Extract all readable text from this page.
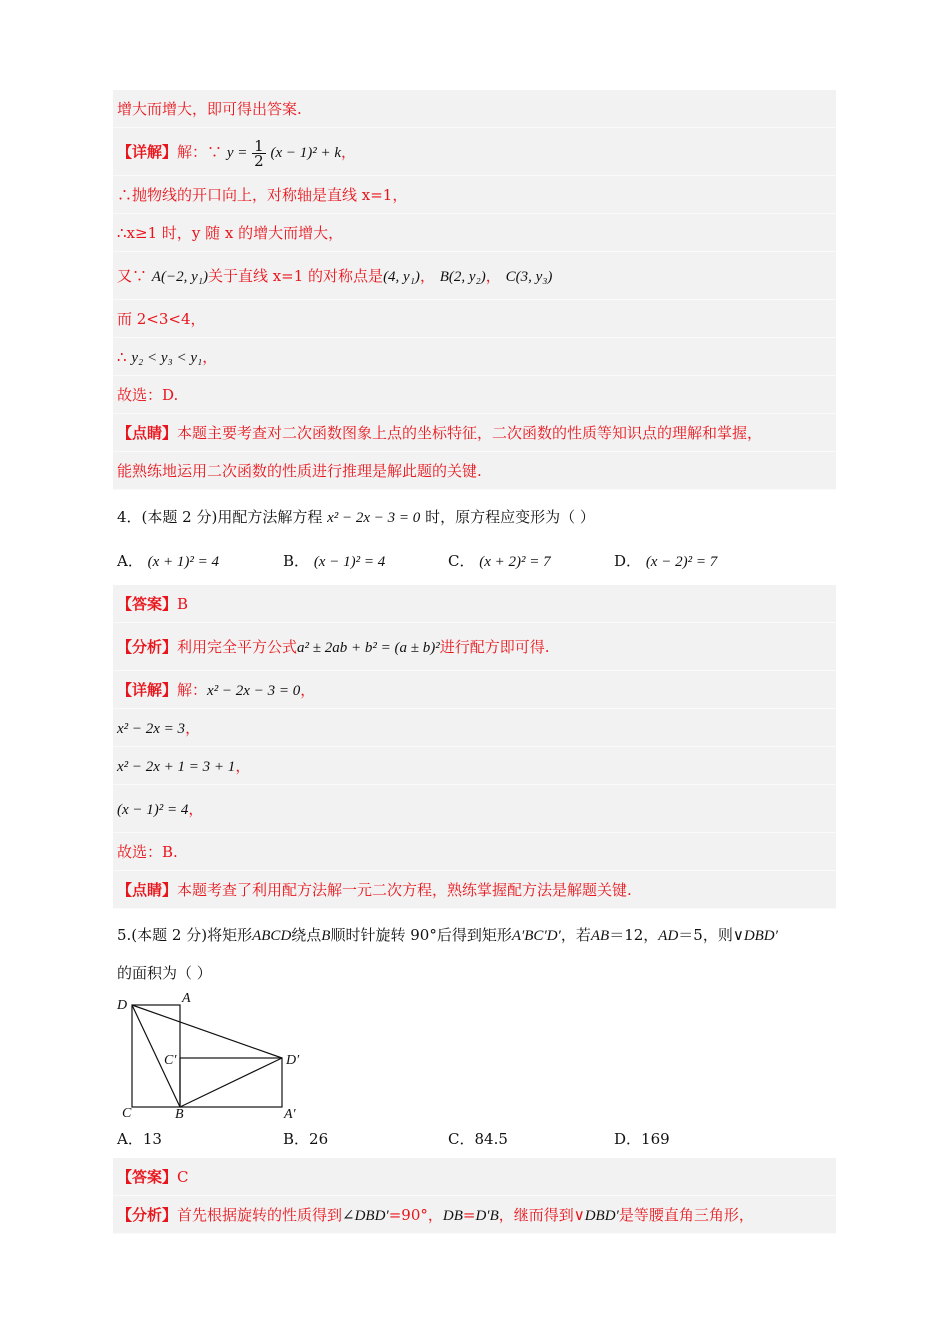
增大而增大，即可得出答案.
【详解】解：∵ $y = \frac{1}{2} (x - 1)^2 + k$，
∴抛物线的开口向上，对称轴是直线 x=1，
∴x≥1 时，y 随 x 的增大而增大，
又∵ A(−2, y₁)关于直线 x=1 的对称点是(4, y₁)， B(2, y₂)， C(3, y₃)
而 2<3<4，
∴ y₂ < y₃ < y₁，
故选：D.
【点睛】本题主要考查对二次函数图象上点的坐标特征，二次函数的性质等知识点的理解和掌握，
能熟练地运用二次函数的性质进行推理是解此题的关键.
4．(本题 2 分)用配方法解方程 x² − 2x − 3 = 0 时，原方程应变形为（ ）
A． (x + 1)² = 4	B． (x − 1)² = 4	C． (x + 2)² = 7	D． (x − 2)² = 7
【答案】B
【分析】利用完全平方公式a² ± 2ab + b² = (a ± b)²进行配方即可得.
【详解】解：x² − 2x − 3 = 0，
x² − 2x = 3，
x² − 2x + 1 = 3 + 1，
(x − 1)² = 4，
故选：B.
【点睛】本题考查了利用配方法解一元二次方程，熟练掌握配方法是解题关键.
5.(本题 2 分)将矩形ABCD绕点B顺时针旋转 90°后得到矩形A′BC′D′，若AB＝12，AD＝5，则∨DBD′
的面积为（ ）
D	A
C′	D′
C	B	A′
A．13	B．26	C．84.5	D．169
【答案】C
【分析】首先根据旋转的性质得到∠DBD′=90°，DB=D′B，继而得到∨DBD′是等腰直角三角形，
